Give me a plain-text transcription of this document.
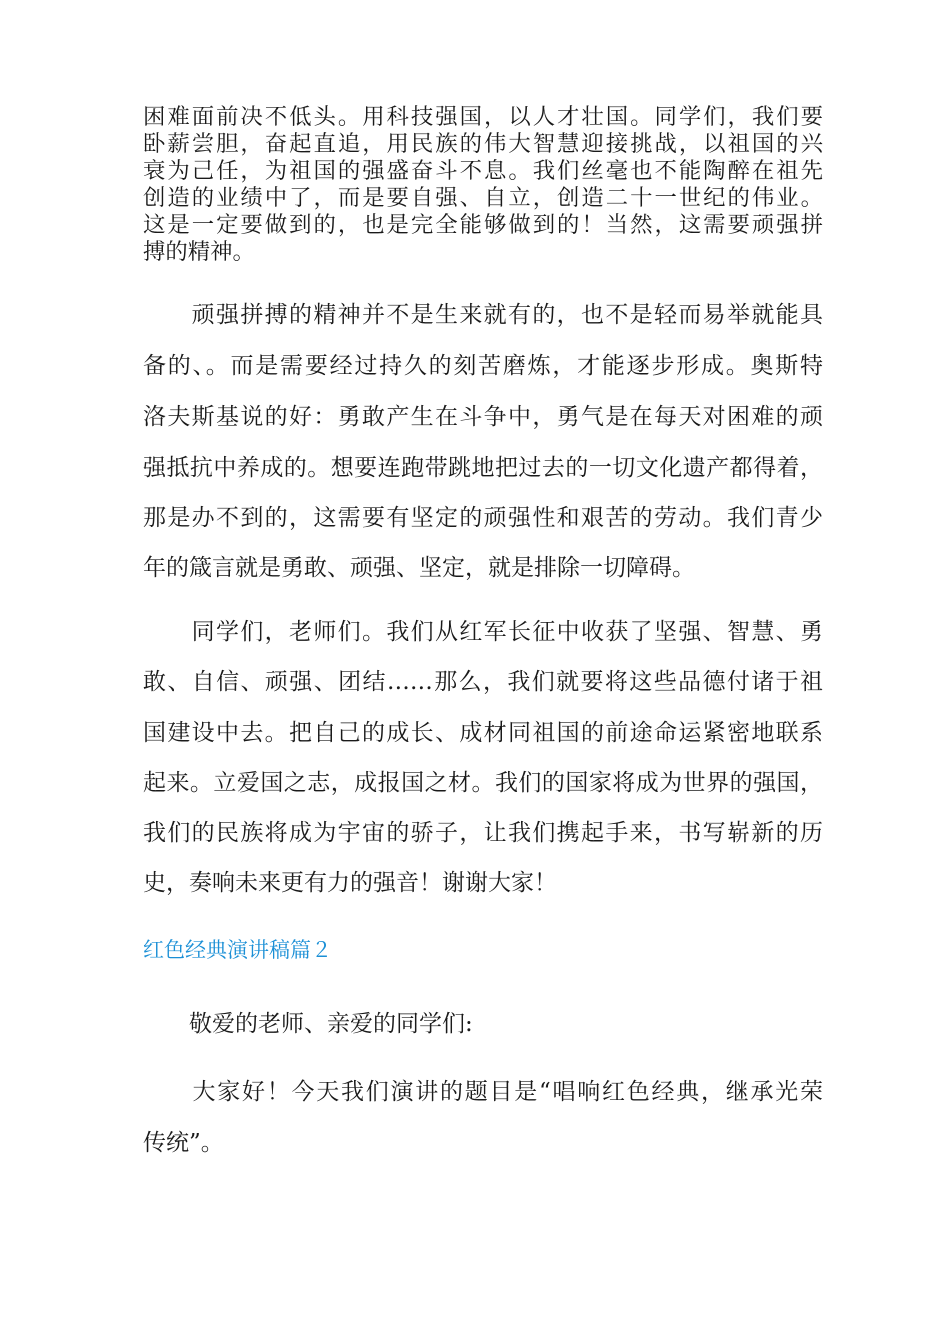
困难面前决不低头。用科技强国，以人才壮国。同学们，我们要
卧薪尝胆，奋起直追，用民族的伟大智慧迎接挑战，以祖国的兴
衰为己任，为祖国的强盛奋斗不息。我们丝毫也不能陶醉在祖先
创造的业绩中了，而是要自强、自立，创造二十一世纪的伟业。
这是一定要做到的，也是完全能够做到的！当然，这需要顽强拼
搏的精神。
　　顽强拼搏的精神并不是生来就有的，也不是轻而易举就能具
备的、。而是需要经过持久的刻苦磨炼，才能逐步形成。奥斯特
洛夫斯基说的好：勇敢产生在斗争中，勇气是在每天对困难的顽
强抵抗中养成的。想要连跑带跳地把过去的一切文化遗产都得着，
那是办不到的，这需要有坚定的顽强性和艰苦的劳动。我们青少
年的箴言就是勇敢、顽强、坚定，就是排除一切障碍。
　　同学们，老师们。我们从红军长征中收获了坚强、智慧、勇
敢、自信、顽强、团结……那么，我们就要将这些品德付诸于祖
国建设中去。把自己的成长、成材同祖国的前途命运紧密地联系
起来。立爱国之志，成报国之材。我们的国家将成为世界的强国，
我们的民族将成为宇宙的骄子，让我们携起手来，书写崭新的历
史，奏响未来更有力的强音！谢谢大家！
红色经典演讲稿篇２
　　敬爱的老师、亲爱的同学们:
　　大家好！今天我们演讲的题目是“唱响红色经典，继承光荣
传统”。
